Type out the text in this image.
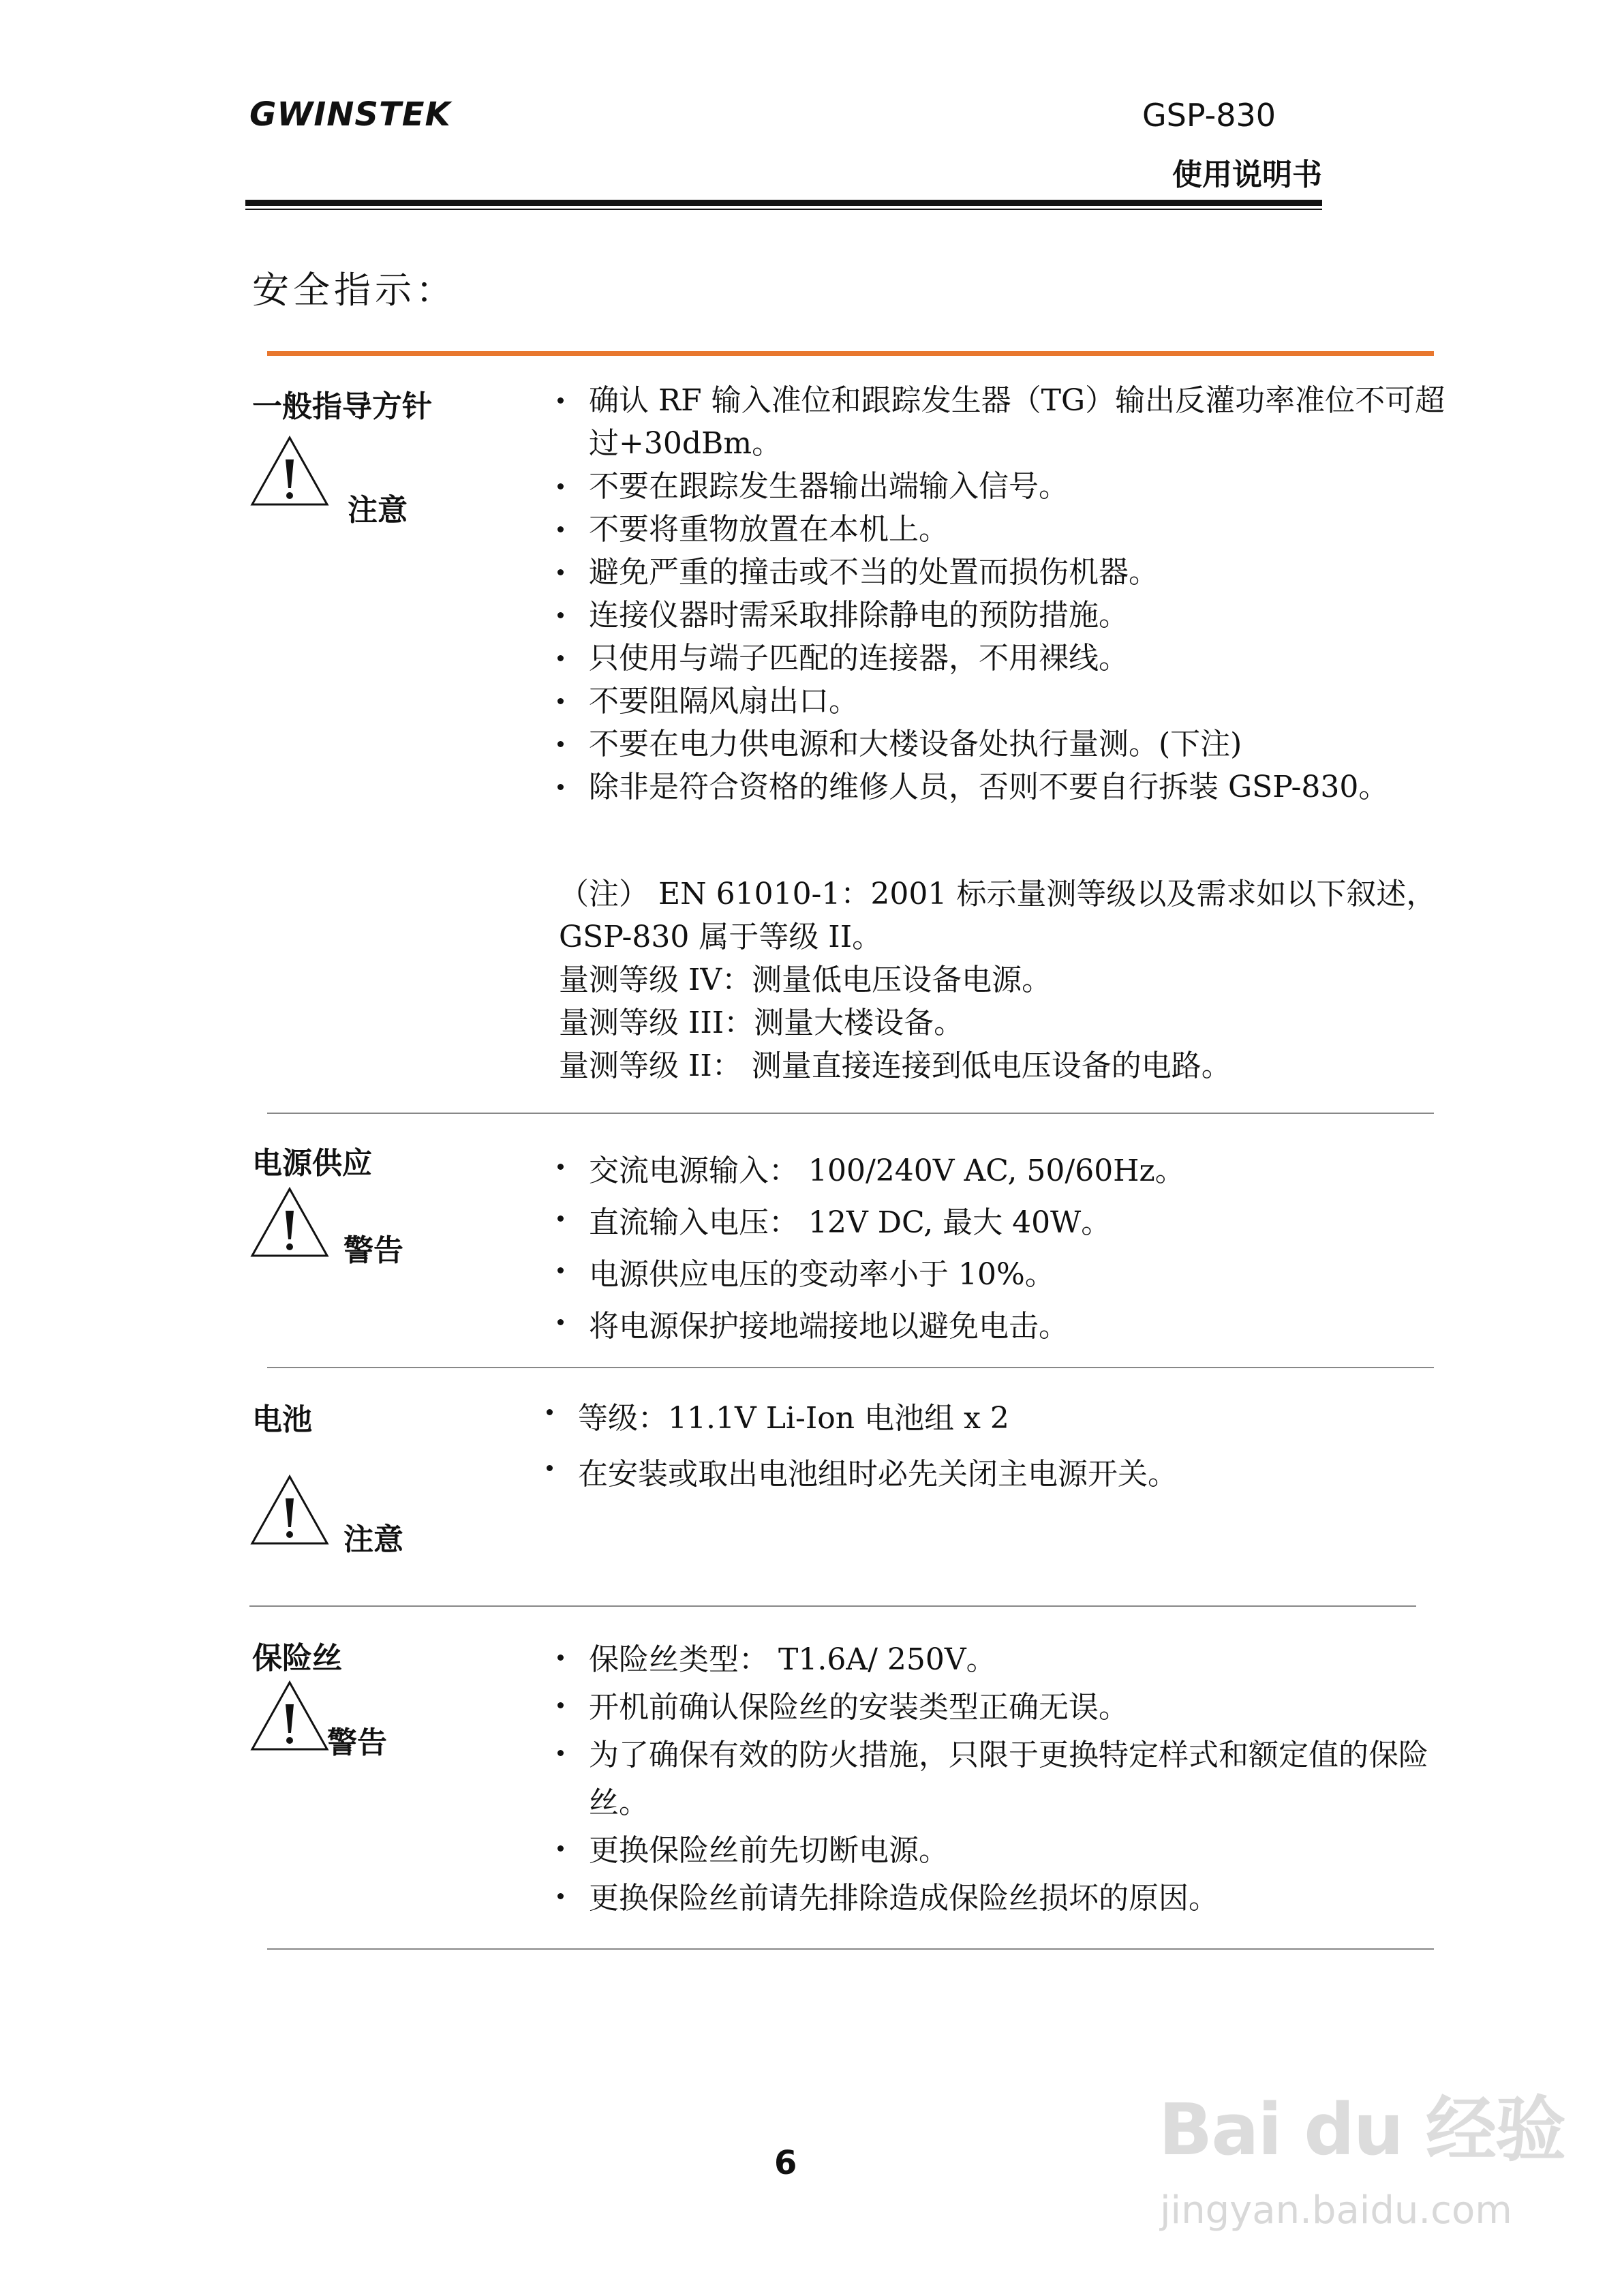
GWINSTEK	GSP-830
使用说明书
安全指示：
一般指导方针
注意
确认 RF 输入准位和跟踪发生器（TG）输出反灌功率准位不可超过+30dBm。
不要在跟踪发生器输出端输入信号。
不要将重物放置在本机上。
避免严重的撞击或不当的处置而损伤机器。
连接仪器时需采取排除静电的预防措施。
只使用与端子匹配的连接器，不用裸线。
不要阻隔风扇出口。
不要在电力供电源和大楼设备处执行量测。(下注)
除非是符合资格的维修人员，否则不要自行拆装 GSP-830。
（注） EN 61010-1：2001 标示量测等级以及需求如以下叙述，
GSP-830 属于等级 II。
量测等级 IV：测量低电压设备电源。
量测等级 III：测量大楼设备。
量测等级 II： 测量直接连接到低电压设备的电路。
电源供应
警告
交流电源输入： 100/240V AC, 50/60Hz。
直流输入电压： 12V DC, 最大 40W。
电源供应电压的变动率小于 10%。
将电源保护接地端接地以避免电击。
电池
注意
等级：11.1V Li-Ion 电池组 x 2
在安装或取出电池组时必先关闭主电源开关。
保险丝
警告
保险丝类型： T1.6A/ 250V。
开机前确认保险丝的安装类型正确无误。
为了确保有效的防火措施，只限于更换特定样式和额定值的保险丝。
更换保险丝前先切断电源。
更换保险丝前请先排除造成保险丝损坏的原因。
6	Bai du 经验
jingyan.baidu.com
